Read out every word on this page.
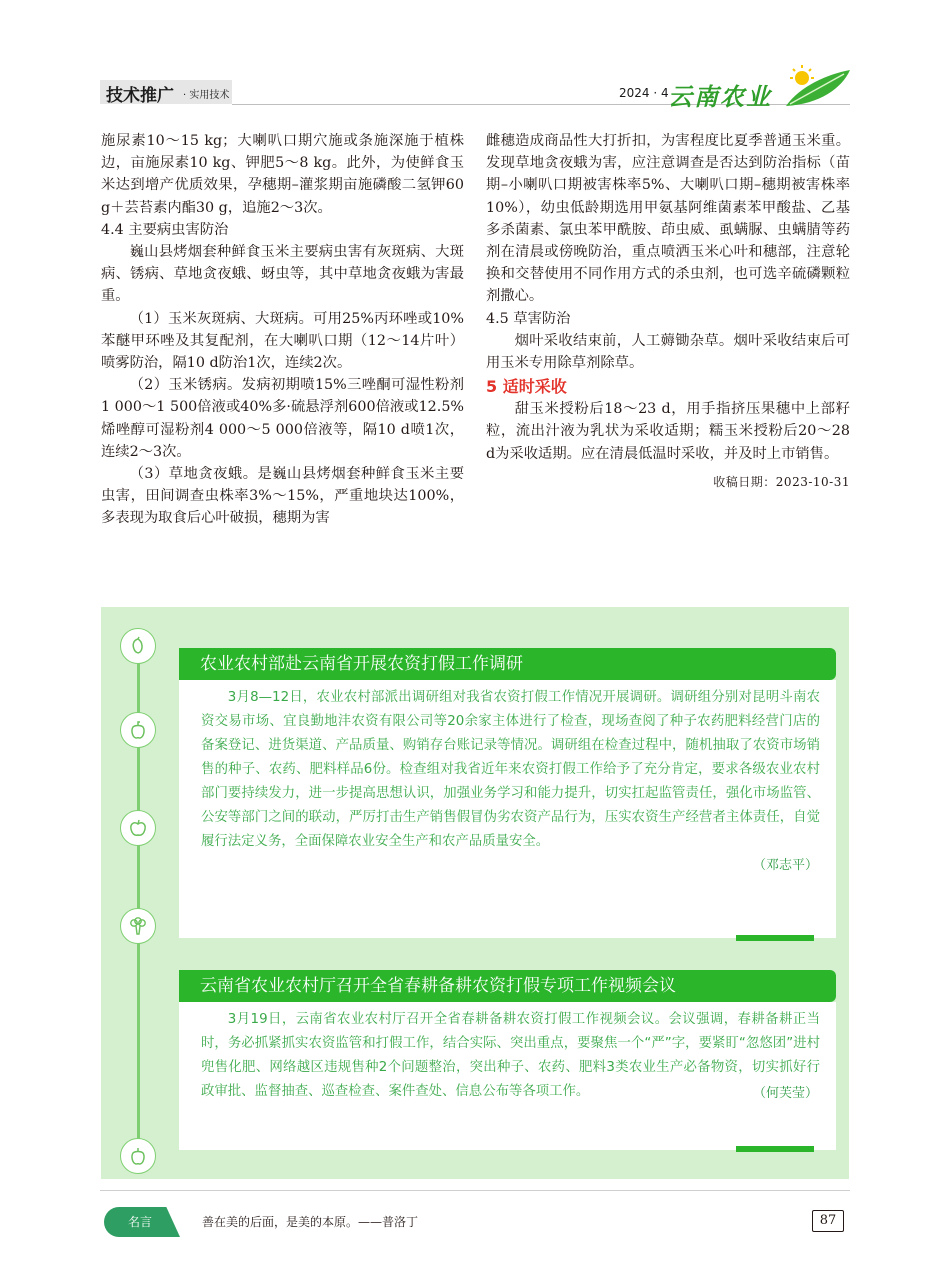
技术推广 · 实用技术	2024 · 4 云南农业

施尿素10～15 kg；大喇叭口期穴施或条施深施于植株边，亩施尿素10 kg、钾肥5～8 kg。此外，为使鲜食玉米达到增产优质效果，孕穗期–灌浆期亩施磷酸二氢钾60 g＋芸苔素内酯30 g，追施2～3次。

4.4 主要病虫害防治

巍山县烤烟套种鲜食玉米主要病虫害有灰斑病、大斑病、锈病、草地贪夜蛾、蚜虫等，其中草地贪夜蛾为害最重。

（1）玉米灰斑病、大斑病。可用25%丙环唑或10%苯醚甲环唑及其复配剂，在大喇叭口期（12～14片叶）喷雾防治，隔10 d防治1次，连续2次。

（2）玉米锈病。发病初期喷15%三唑酮可湿性粉剂1 000～1 500倍液或40%多·硫悬浮剂600倍液或12.5%烯唑醇可湿粉剂4 000～5 000倍液等，隔10 d喷1次，连续2～3次。

（3）草地贪夜蛾。是巍山县烤烟套种鲜食玉米主要虫害，田间调查虫株率3%～15%，严重地块达100%，多表现为取食后心叶破损，穗期为害

雌穗造成商品性大打折扣，为害程度比夏季普通玉米重。发现草地贪夜蛾为害，应注意调查是否达到防治指标（苗期–小喇叭口期被害株率5%、大喇叭口期–穗期被害株率10%），幼虫低龄期选用甲氨基阿维菌素苯甲酸盐、乙基多杀菌素、氯虫苯甲酰胺、茚虫威、虱螨脲、虫螨腈等药剂在清晨或傍晚防治，重点喷洒玉米心叶和穗部，注意轮换和交替使用不同作用方式的杀虫剂，也可选辛硫磷颗粒剂撒心。

4.5 草害防治

烟叶采收结束前，人工薅锄杂草。烟叶采收结束后可用玉米专用除草剂除草。

5 适时采收

甜玉米授粉后18～23 d，用手指挤压果穗中上部籽粒，流出汁液为乳状为采收适期；糯玉米授粉后20～28 d为采收适期。应在清晨低温时采收，并及时上市销售。

收稿日期：2023-10-31

农业农村部赴云南省开展农资打假工作调研

3月8—12日，农业农村部派出调研组对我省农资打假工作情况开展调研。调研组分别对昆明斗南农资交易市场、宜良勤地沣农资有限公司等20余家主体进行了检查，现场查阅了种子农药肥料经营门店的备案登记、进货渠道、产品质量、购销存台账记录等情况。调研组在检查过程中，随机抽取了农资市场销售的种子、农药、肥料样品6份。检查组对我省近年来农资打假工作给予了充分肯定，要求各级农业农村部门要持续发力，进一步提高思想认识，加强业务学习和能力提升，切实扛起监管责任，强化市场监管、公安等部门之间的联动，严厉打击生产销售假冒伪劣农资产品行为，压实农资生产经营者主体责任，自觉履行法定义务，全面保障农业安全生产和农产品质量安全。

（邓志平）
云南省农业农村厅召开全省春耕备耕农资打假专项工作视频会议

3月19日，云南省农业农村厅召开全省春耕备耕农资打假工作视频会议。会议强调，春耕备耕正当时，务必抓紧抓实农资监管和打假工作，结合实际、突出重点，要聚焦一个“严”字，要紧盯“忽悠团”进村兜售化肥、网络越区违规售种2个问题整治，突出种子、农药、肥料3类农业生产必备物资，切实抓好行政审批、监督抽查、巡查检查、案件查处、信息公布等各项工作。	（何芙莹）
名言	善在美的后面，是美的本原。——普洛丁	87
